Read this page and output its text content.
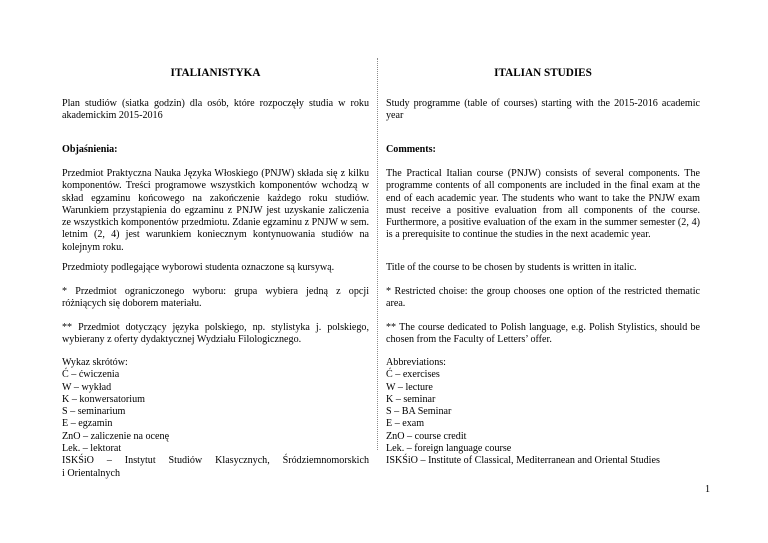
ITALIANISTYKA
Plan studiów (siatka godzin) dla osób, które rozpoczęły studia w roku akademickim 2015-2016
Objaśnienia:
Przedmiot Praktyczna Nauka Języka Włoskiego (PNJW) składa się z kilku komponentów. Treści programowe wszystkich komponentów wchodzą w skład egzaminu końcowego na zakończenie każdego roku studiów. Warunkiem przystąpienia do egzaminu z PNJW jest uzyskanie zaliczenia ze wszystkich komponentów przedmiotu. Zdanie egzaminu z PNJW w sem. letnim (2, 4) jest warunkiem koniecznym kontynuowania studiów na kolejnym roku.
Przedmioty podlegające wyborowi studenta oznaczone są kursywą.
* Przedmiot ograniczonego wyboru: grupa wybiera jedną z opcji różniących się doborem materiału.
** Przedmiot dotyczący języka polskiego, np. stylistyka j. polskiego, wybierany z oferty dydaktycznej Wydziału Filologicznego.
Wykaz skrótów:
Ć – ćwiczenia
W – wykład
K – konwersatorium
S – seminarium
E – egzamin
ZnO – zaliczenie na ocenę
Lek. – lektorat
ISKŚiO – Instytut Studiów Klasycznych, Śródziemnomorskich
i Orientalnych
ITALIAN STUDIES
Study programme (table of courses) starting with the 2015-2016 academic year
Comments:
The Practical Italian course (PNJW) consists of several components. The programme contents of all components are included in the final exam at the end of each academic year. The students who want to take the PNJW exam must receive a positive evaluation from all components of the course. Furthermore, a positive evaluation of the exam in the summer semester (2, 4) is a prerequisite to continue the studies in the next academic year.
Title of the course to be chosen by students is written in italic.
* Restricted choise: the group chooses one option of the restricted thematic area.
** The course dedicated to Polish language, e.g. Polish Stylistics, should be chosen from the Faculty of Letters’ offer.
Abbreviations:
Ć – exercises
W – lecture
K – seminar
S – BA Seminar
E – exam
ZnO – course credit
Lek. – foreign language course
ISKŚiO – Institute of Classical, Mediterranean and Oriental Studies
1
